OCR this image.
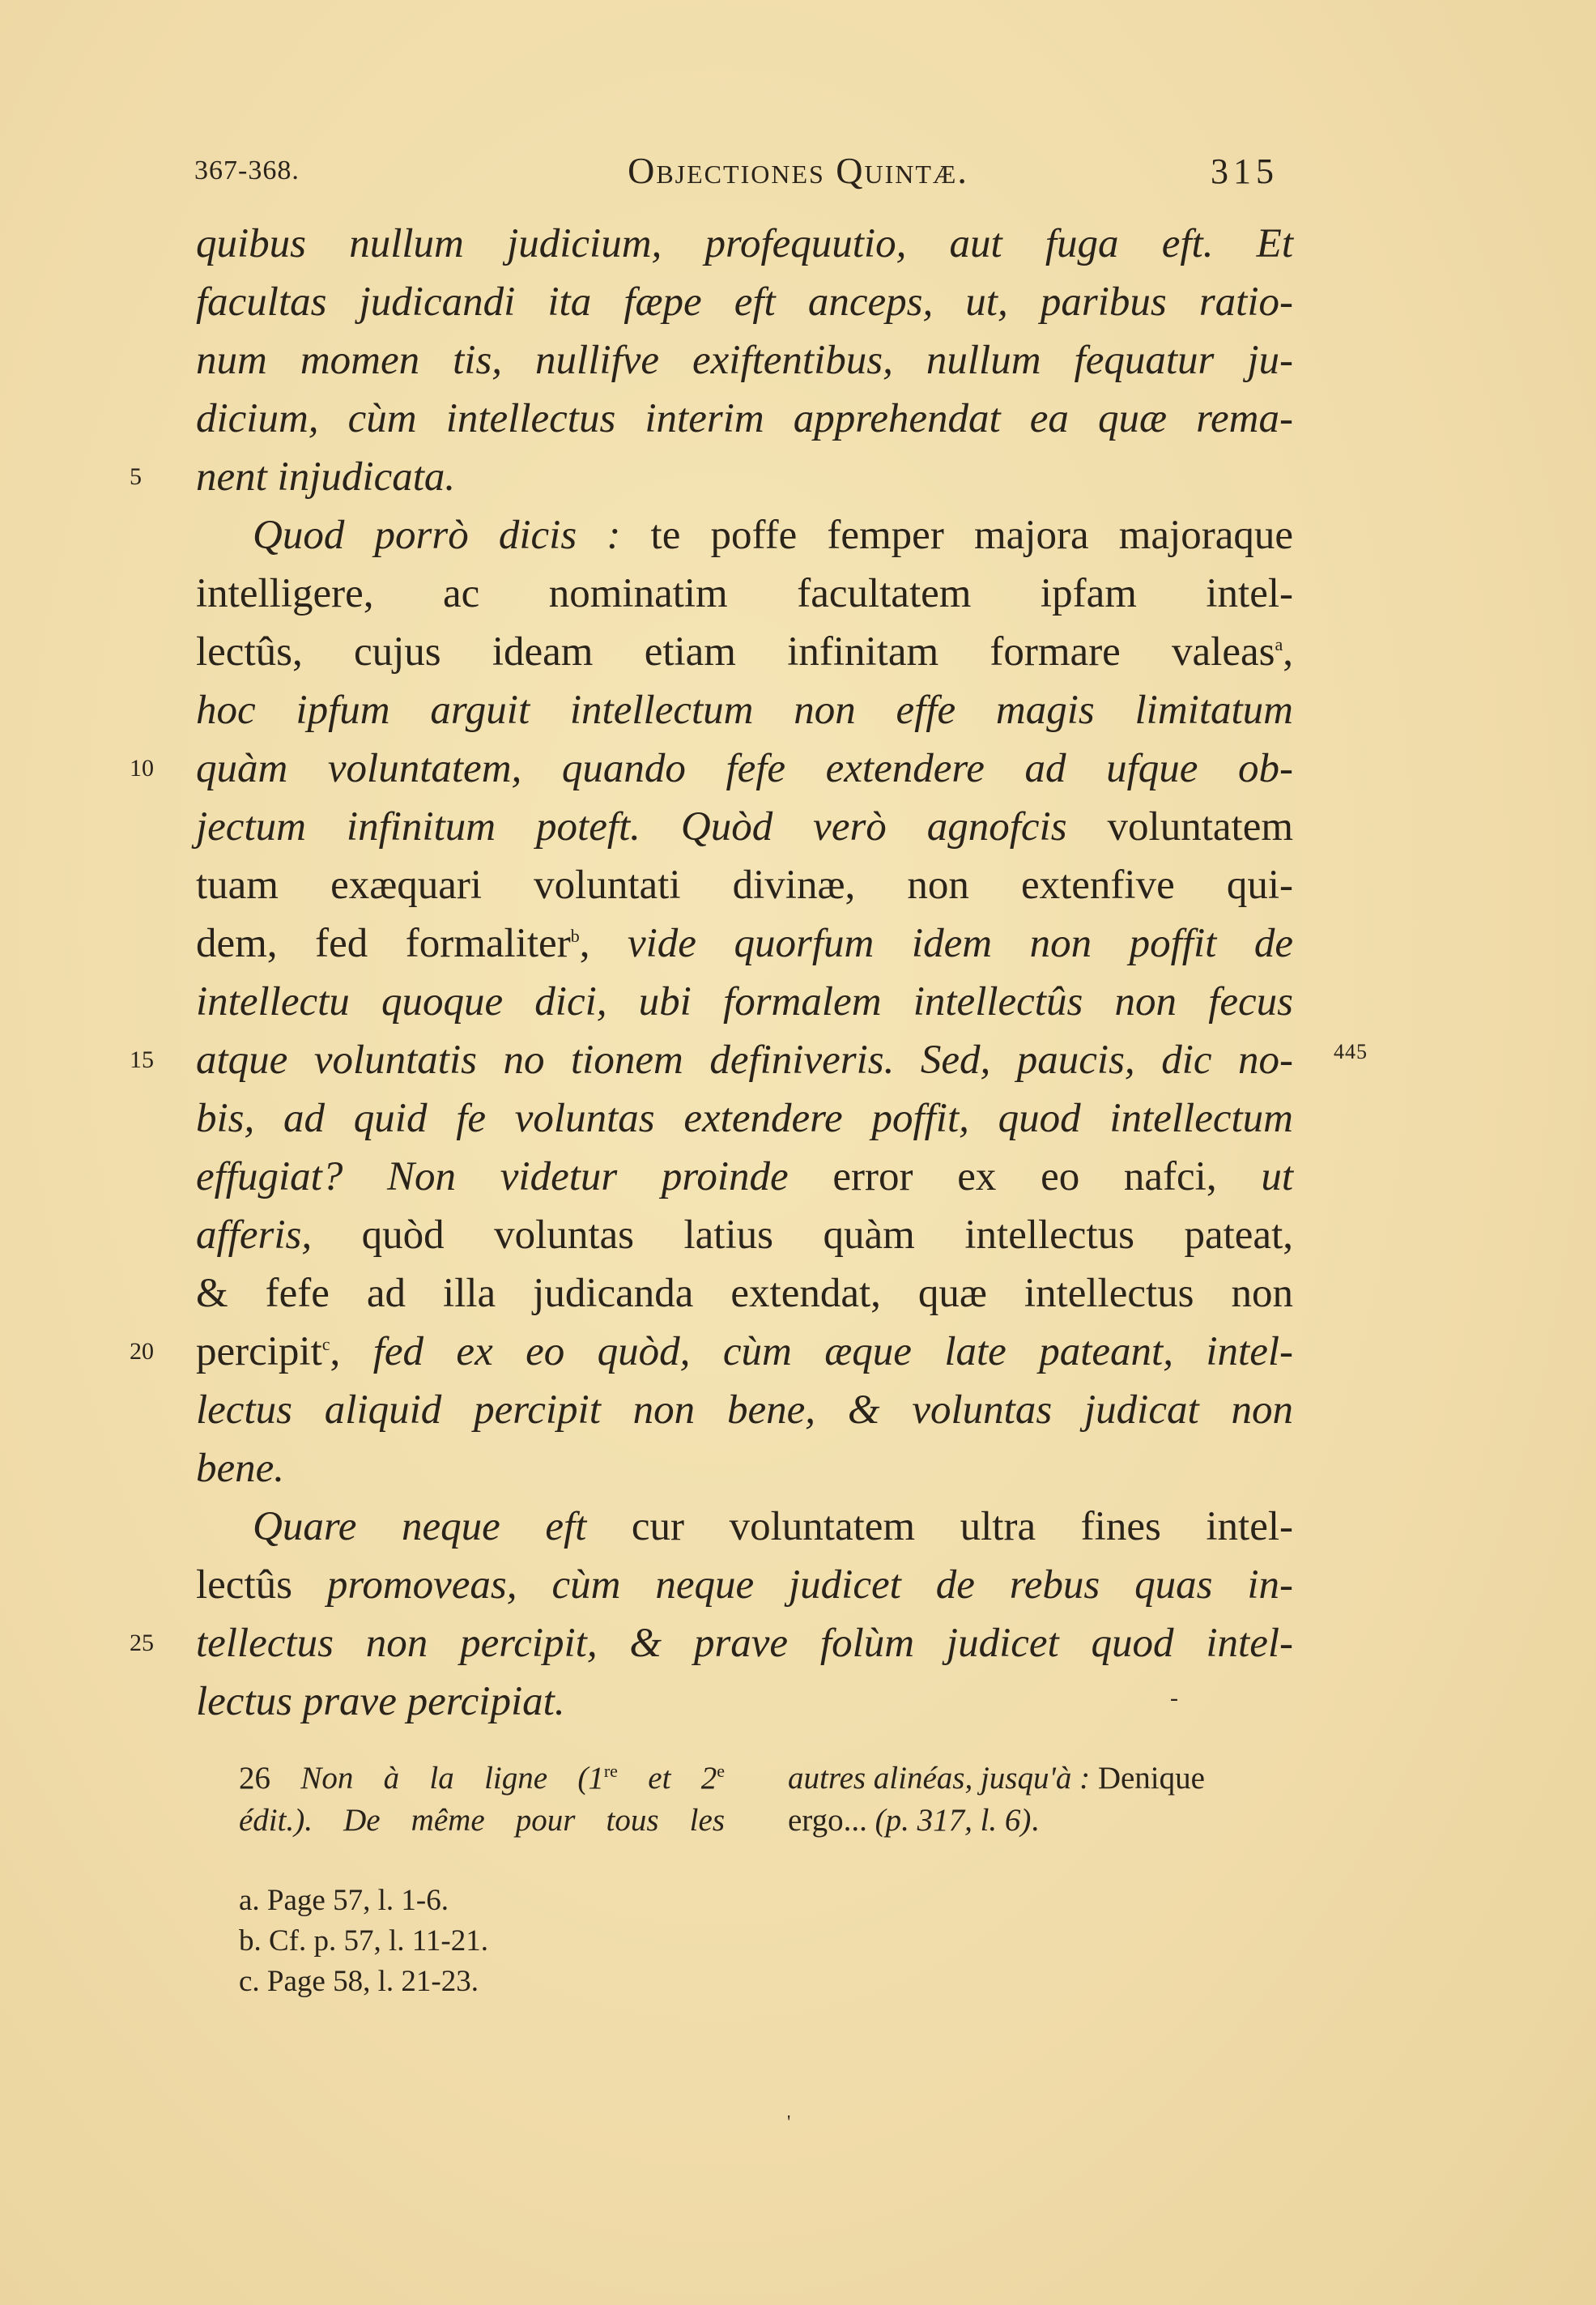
367-368.	Objectiones Quintæ.	315
quibus nullum judicium, profequutio, aut fuga eft. Et
facultas judicandi ita fæpe eft anceps, ut, paribus ratio-
num momen tis, nullifve exiftentibus, nullum fequatur ju-
dicium, cùm intellectus interim apprehendat ea quæ rema-
5	nent injudicata.
Quod porrò dicis : te poffe femper majora majoraque
intelligere, ac nominatim facultatem ipfam intel-
lectûs, cujus ideam etiam infinitam formare valeas$^a$,
hoc ipfum arguit intellectum non effe magis limitatum
10	quàm voluntatem, quando fefe extendere ad ufque ob-
jectum infinitum poteft. Quòd verò agnofcis voluntatem
tuam exæquari voluntati divinæ, non extenfive qui-
dem, fed formaliter$^b$, vide quorfum idem non poffit de
intellectu quoque dici, ubi formalem intellectûs non fecus
15	atque voluntatis no tionem definiveris. Sed, paucis, dic no- 445
bis, ad quid fe voluntas extendere poffit, quod intellectum
effugiat? Non videtur proinde error ex eo nafci, ut
afferis, quòd voluntas latius quàm intellectus pateat,
& fefe ad illa judicanda extendat, quæ intellectus non
20	percipit$^c$, fed ex eo quòd, cùm æque late pateant, intel-
lectus aliquid percipit non bene, & voluntas judicat non
bene.
Quare neque eft cur voluntatem ultra fines intel-
lectûs promoveas, cùm neque judicet de rebus quas in-
25	tellectus non percipit, & prave folùm judicet quod intel-
lectus prave percipiat.	-
26 Non à la ligne (1re et 2e
édit.). De même pour tous les
autres alinéas, jusqu'à : Denique
ergo... (p. 317, l. 6).
a. Page 57, l. 1-6.
b. Cf. p. 57, l. 11-21.
c. Page 58, l. 21-23.
'
